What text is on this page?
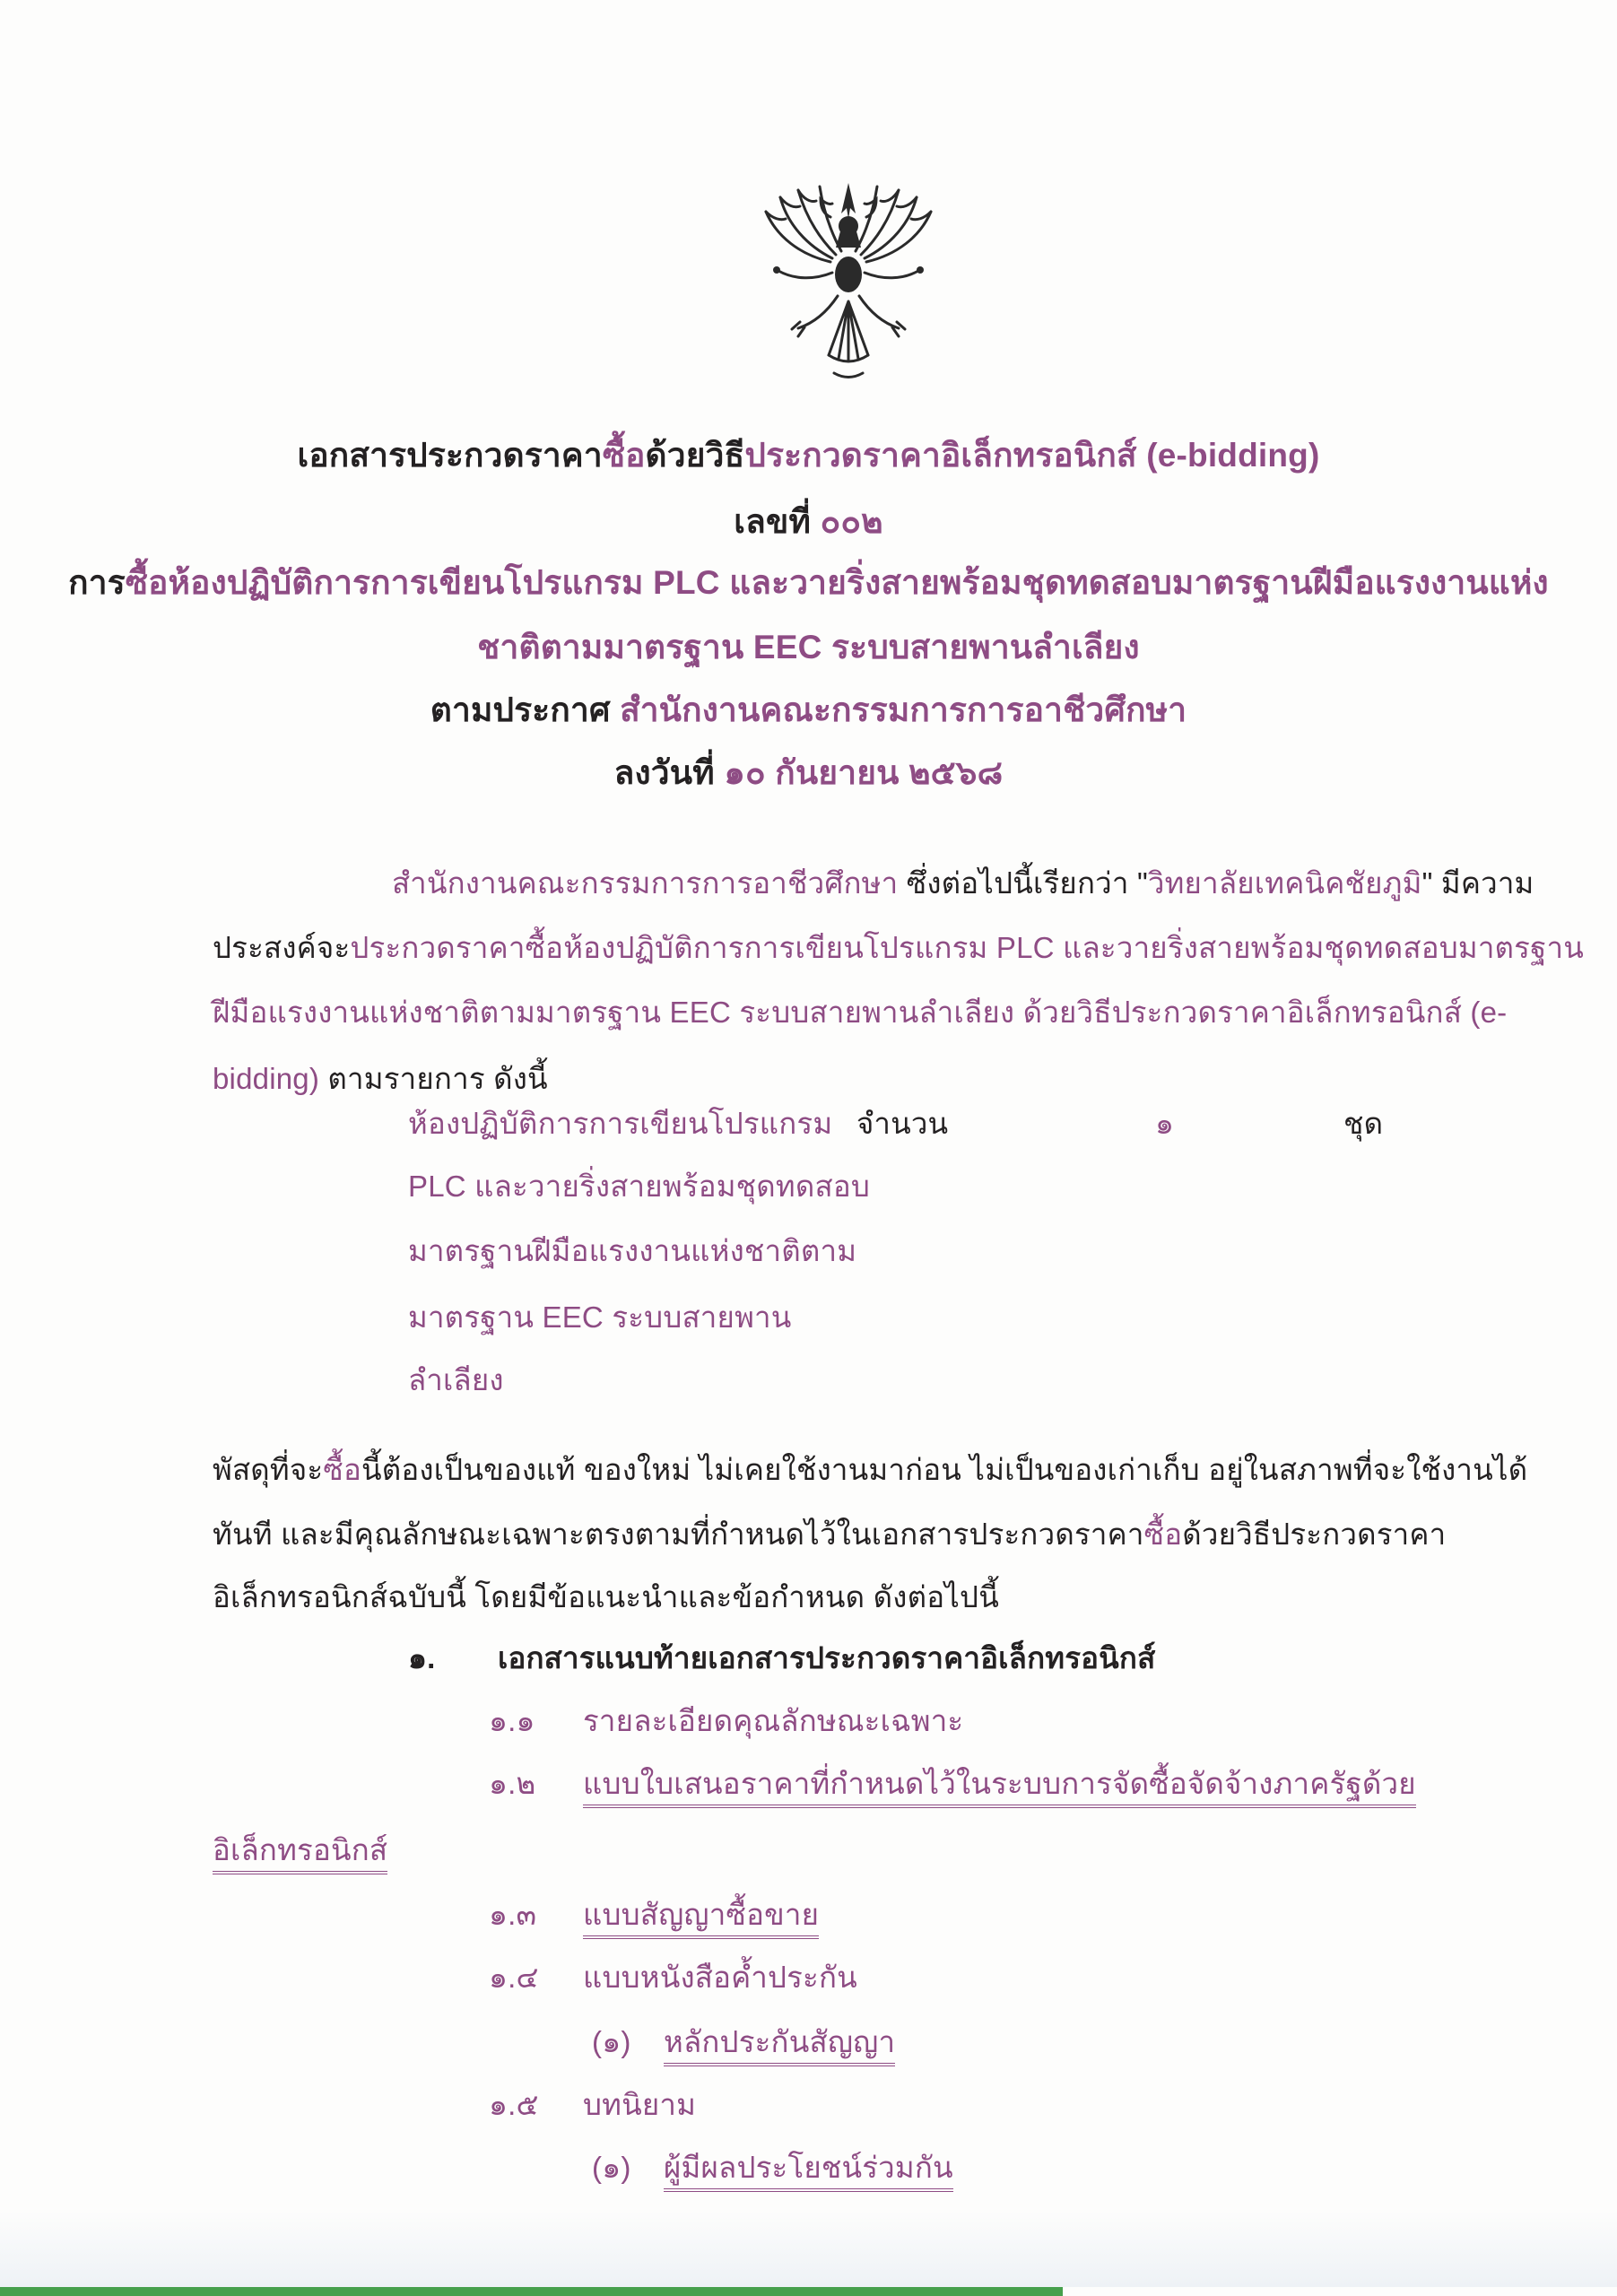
เอกสารประกวดราคาซื้อด้วยวิธีประกวดราคาอิเล็กทรอนิกส์ (e-bidding)
เลขที่ ๐๐๒
การซื้อห้องปฏิบัติการการเขียนโปรแกรม PLC และวายริ่งสายพร้อมชุดทดสอบมาตรฐานฝีมือแรงงานแห่ง
ชาติตามมาตรฐาน EEC ระบบสายพานลำเลียง
ตามประกาศ สำนักงานคณะกรรมการการอาชีวศึกษา
ลงวันที่ ๑๐ กันยายน ๒๕๖๘
สำนักงานคณะกรรมการการอาชีวศึกษา ซึ่งต่อไปนี้เรียกว่า "วิทยาลัยเทคนิคชัยภูมิ" มีความ
ประสงค์จะประกวดราคาซื้อห้องปฏิบัติการการเขียนโปรแกรม PLC และวายริ่งสายพร้อมชุดทดสอบมาตรฐาน
ฝีมือแรงงานแห่งชาติตามมาตรฐาน EEC ระบบสายพานลำเลียง ด้วยวิธีประกวดราคาอิเล็กทรอนิกส์ (e-
bidding) ตามรายการ ดังนี้
ห้องปฏิบัติการการเขียนโปรแกรม จำนวน	๑	ชุด
PLC และวายริ่งสายพร้อมชุดทดสอบ
มาตรฐานฝีมือแรงงานแห่งชาติตาม
มาตรฐาน EEC ระบบสายพาน
ลำเลียง
พัสดุที่จะซื้อนี้ต้องเป็นของแท้ ของใหม่ ไม่เคยใช้งานมาก่อน ไม่เป็นของเก่าเก็บ อยู่ในสภาพที่จะใช้งานได้
ทันที และมีคุณลักษณะเฉพาะตรงตามที่กำหนดไว้ในเอกสารประกวดราคาซื้อด้วยวิธีประกวดราคา
อิเล็กทรอนิกส์ฉบับนี้ โดยมีข้อแนะนำและข้อกำหนด ดังต่อไปนี้
๑. เอกสารแนบท้ายเอกสารประกวดราคาอิเล็กทรอนิกส์
๑.๑ รายละเอียดคุณลักษณะเฉพาะ
๑.๒ แบบใบเสนอราคาที่กำหนดไว้ในระบบการจัดซื้อจัดจ้างภาครัฐด้วย
อิเล็กทรอนิกส์
๑.๓ แบบสัญญาซื้อขาย
๑.๔ แบบหนังสือค้ำประกัน
(๑) หลักประกันสัญญา
๑.๕ บทนิยาม
(๑) ผู้มีผลประโยชน์ร่วมกัน
